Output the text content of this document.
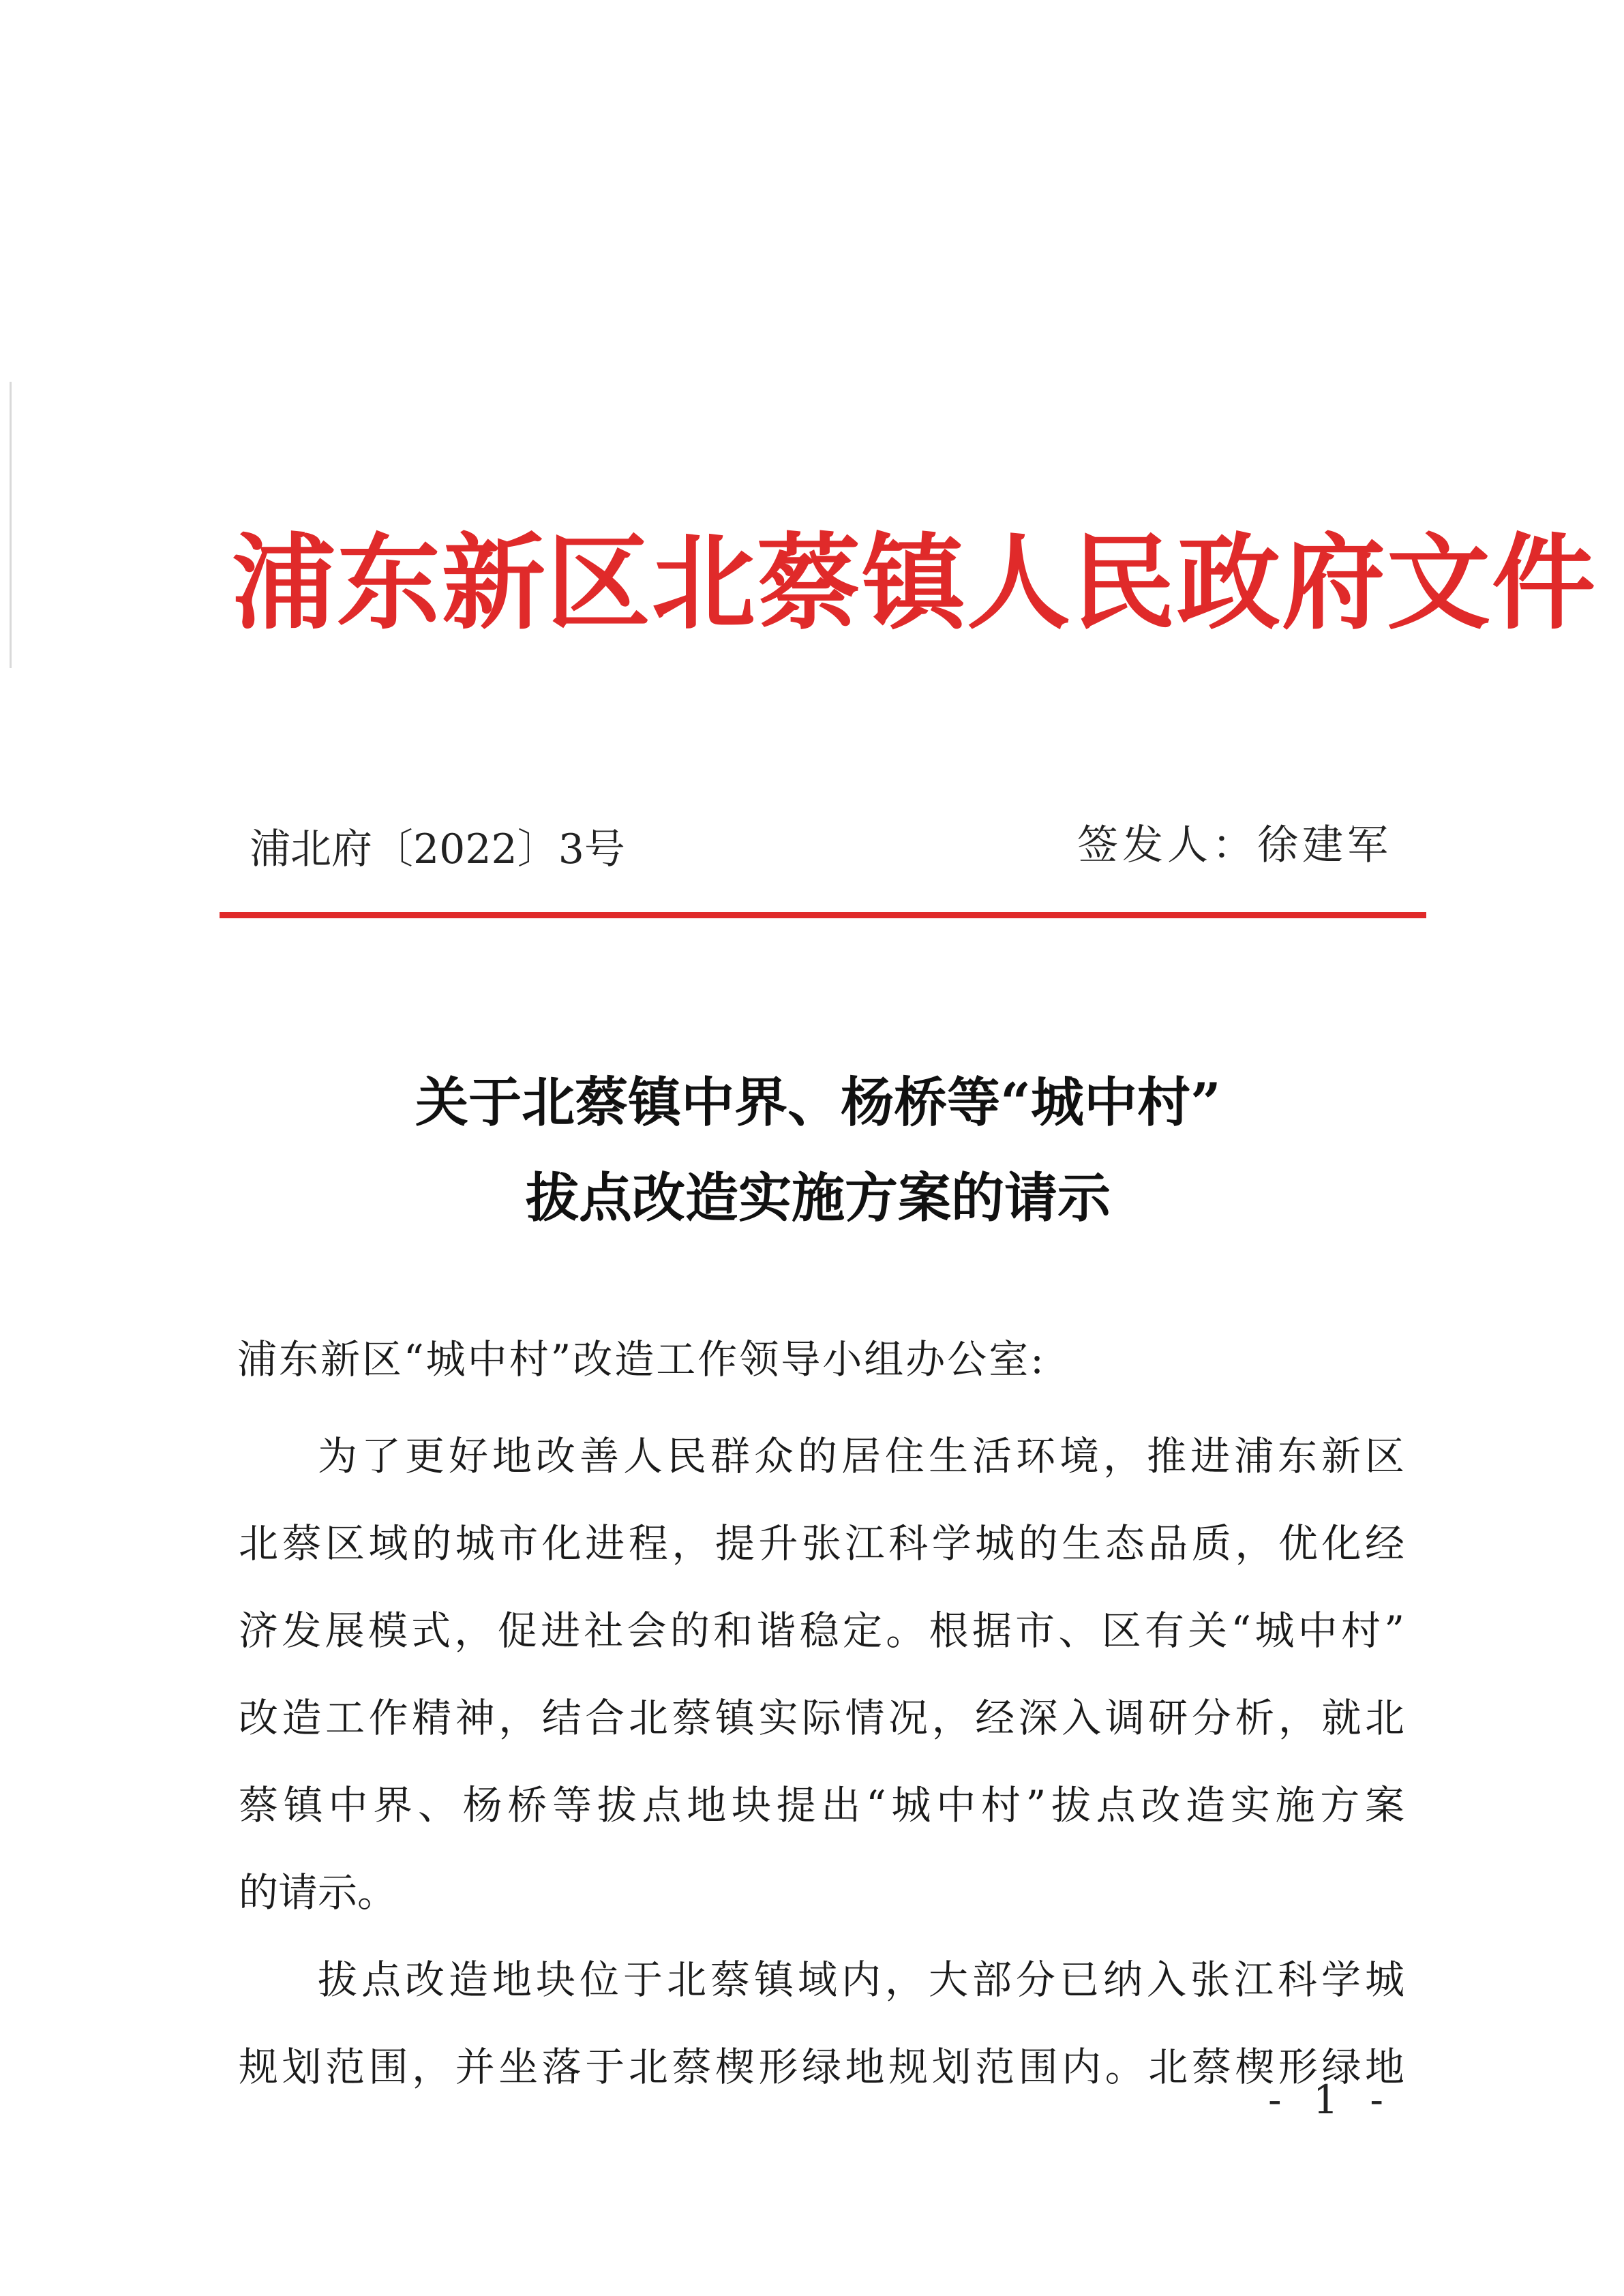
浦东新区北蔡镇人民政府文件
浦北府〔2022〕3号	签发人：徐建军
关于北蔡镇中界、杨桥等“城中村”
拔点改造实施方案的请示
浦东新区“城中村”改造工作领导小组办公室:
为了更好地改善人民群众的居住生活环境，推进浦东新区
北蔡区域的城市化进程，提升张江科学城的生态品质，优化经
济发展模式，促进社会的和谐稳定。根据市、区有关“城中村”
改造工作精神，结合北蔡镇实际情况，经深入调研分析，就北
蔡镇中界、杨桥等拔点地块提出“城中村”拔点改造实施方案
的请示。
拔点改造地块位于北蔡镇域内，大部分已纳入张江科学城
规划范围，并坐落于北蔡楔形绿地规划范围内。北蔡楔形绿地
- 1 -
